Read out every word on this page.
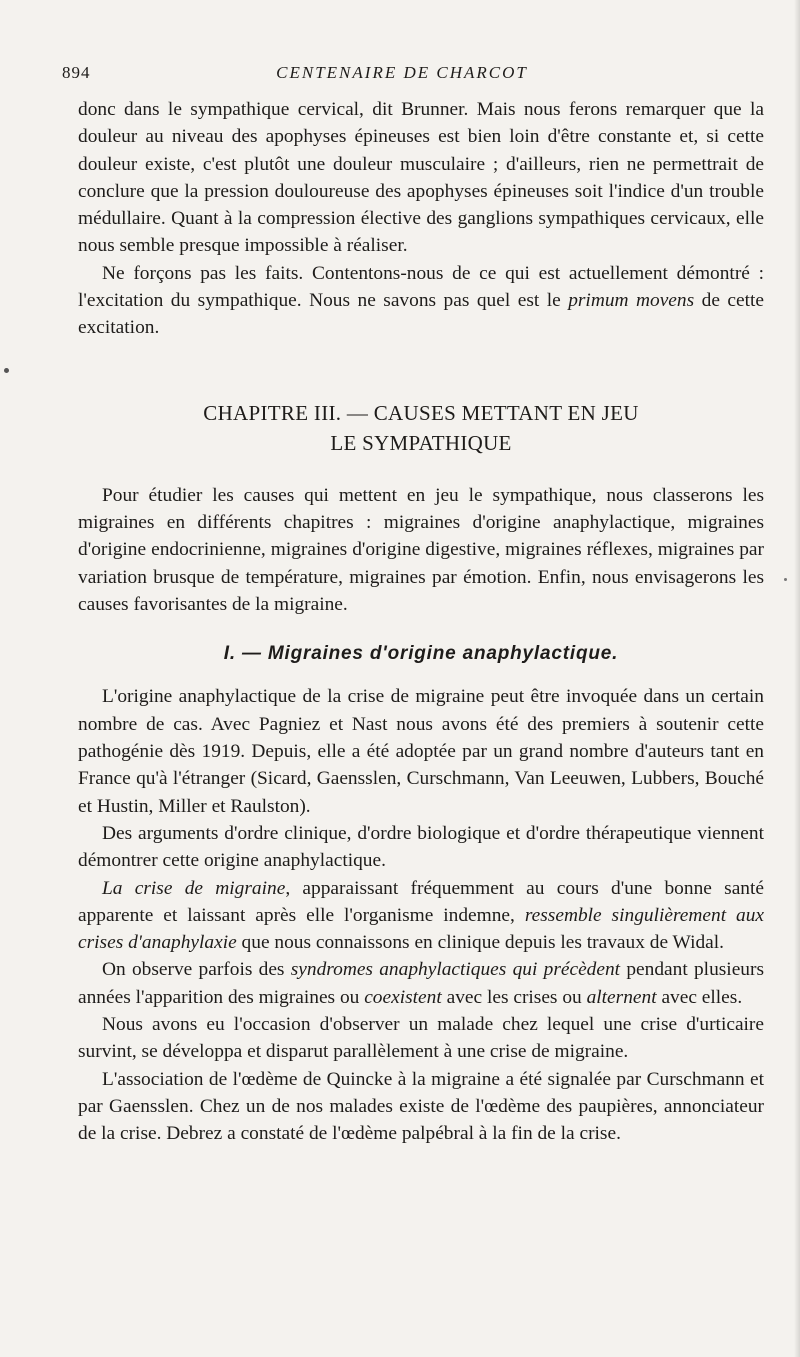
894	CENTENAIRE DE CHARCOT

donc dans le sympathique cervical, dit Brunner. Mais nous ferons remarquer que la douleur au niveau des apophyses épineuses est bien loin d'être constante et, si cette douleur existe, c'est plutôt une douleur musculaire ; d'ailleurs, rien ne permettrait de conclure que la pression douloureuse des apophyses épineuses soit l'indice d'un trouble médullaire. Quant à la compression élective des ganglions sympathiques cervicaux, elle nous semble presque impossible à réaliser.

Ne forçons pas les faits. Contentons-nous de ce qui est actuellement démontré : l'excitation du sympathique. Nous ne savons pas quel est le primum movens de cette excitation.

CHAPITRE III. — CAUSES METTANT EN JEU
LE SYMPATHIQUE

Pour étudier les causes qui mettent en jeu le sympathique, nous classerons les migraines en différents chapitres : migraines d'origine anaphylactique, migraines d'origine endocrinienne, migraines d'origine digestive, migraines réflexes, migraines par variation brusque de température, migraines par émotion. Enfin, nous envisagerons les causes favorisantes de la migraine.

I. — Migraines d'origine anaphylactique.

L'origine anaphylactique de la crise de migraine peut être invoquée dans un certain nombre de cas. Avec Pagniez et Nast nous avons été des premiers à soutenir cette pathogénie dès 1919. Depuis, elle a été adoptée par un grand nombre d'auteurs tant en France qu'à l'étranger (Sicard, Gaensslen, Curschmann, Van Leeuwen, Lubbers, Bouché et Hustin, Miller et Raulston).

Des arguments d'ordre clinique, d'ordre biologique et d'ordre thérapeutique viennent démontrer cette origine anaphylactique.

La crise de migraine, apparaissant fréquemment au cours d'une bonne santé apparente et laissant après elle l'organisme indemne, ressemble singulièrement aux crises d'anaphylaxie que nous connaissons en clinique depuis les travaux de Widal.

On observe parfois des syndromes anaphylactiques qui précèdent pendant plusieurs années l'apparition des migraines ou coexistent avec les crises ou alternent avec elles.

Nous avons eu l'occasion d'observer un malade chez lequel une crise d'urticaire survint, se développa et disparut parallèlement à une crise de migraine.

L'association de l'œdème de Quincke à la migraine a été signalée par Curschmann et par Gaensslen. Chez un de nos malades existe de l'œdème des paupières, annonciateur de la crise. Debrez a constaté de l'œdème palpébral à la fin de la crise.
